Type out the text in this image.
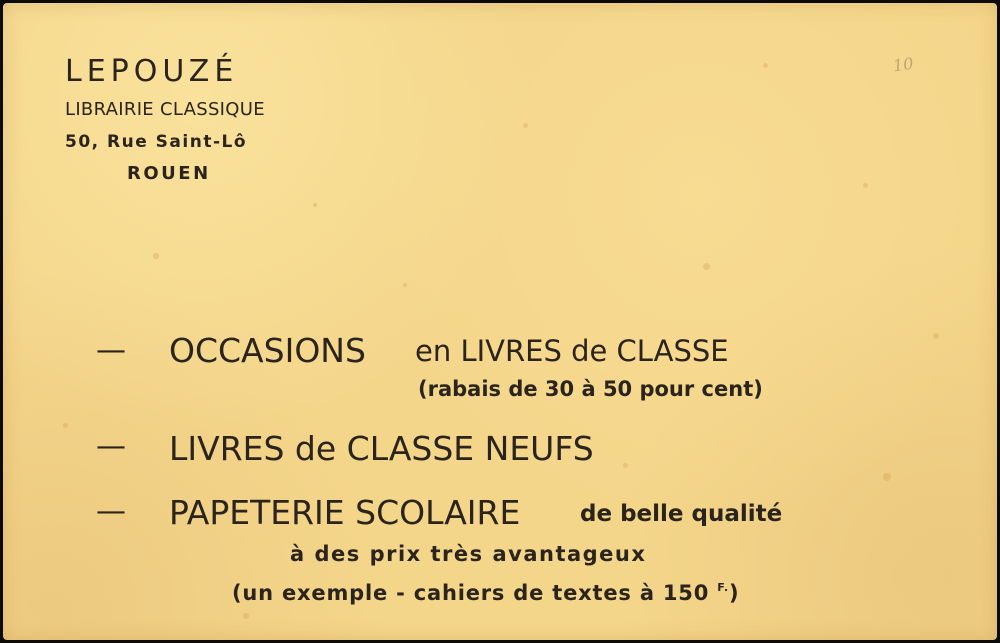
10

LEPOUZÉ

LIBRAIRIE CLASSIQUE

50, Rue Saint-Lô

ROUEN

— OCCASIONS en LIVRES de CLASSE
(rabais de 30 à 50 pour cent)
— LIVRES de CLASSE NEUFS
— PAPETERIE SCOLAIRE	de belle qualité
à des prix très avantageux
(un exemple - cahiers de textes à 150 $^{F.}$)
